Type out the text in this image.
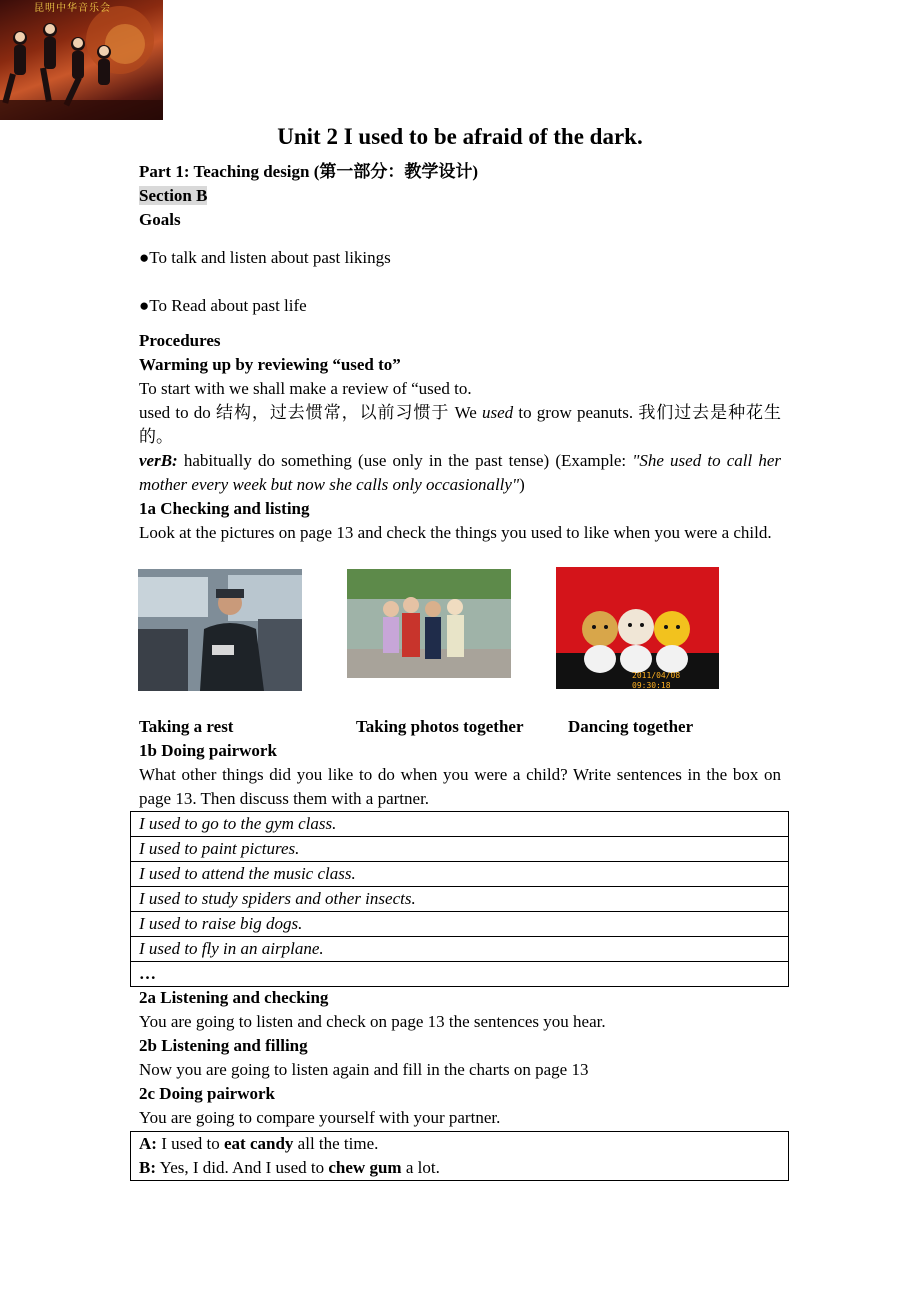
昆明中华音乐会
Unit 2 I used to be afraid of the dark.
Part 1: Teaching design (第一部分：教学设计)
Section B
Goals
●To talk and listen about past likings
●To Read about past life
Procedures
Warming up by reviewing “used to”
To start with we shall make a review of “used to.
used to do 结构，过去惯常，以前习惯于 We used to grow peanuts. 我们过去是种花生的。
verB: habitually do something (use only in the past tense) (Example: "She used to call her mother every week but now she calls only occasionally")
1a Checking and listing
Look at the pictures on page 13 and check the things you used to like when you were a child.
2011/04/08 09:30:18
Taking a rest	Taking photos together	Dancing together
1b Doing pairwork
What other things did you like to do when you were a child? Write sentences in the box on page 13. Then discuss them with a partner.
I used to go to the gym class.
I used to paint pictures.
I used to attend the music class.
I used to study spiders and other insects.
I used to raise big dogs.
I used to fly in an airplane.
…
2a Listening and checking
You are going to listen and check on page 13 the sentences you hear.
2b Listening and filling
Now you are going to listen again and fill in the charts on page 13
2c Doing pairwork
You are going to compare yourself with your partner.
A: I used to eat candy all the time.
B: Yes, I did. And I used to chew gum a lot.
